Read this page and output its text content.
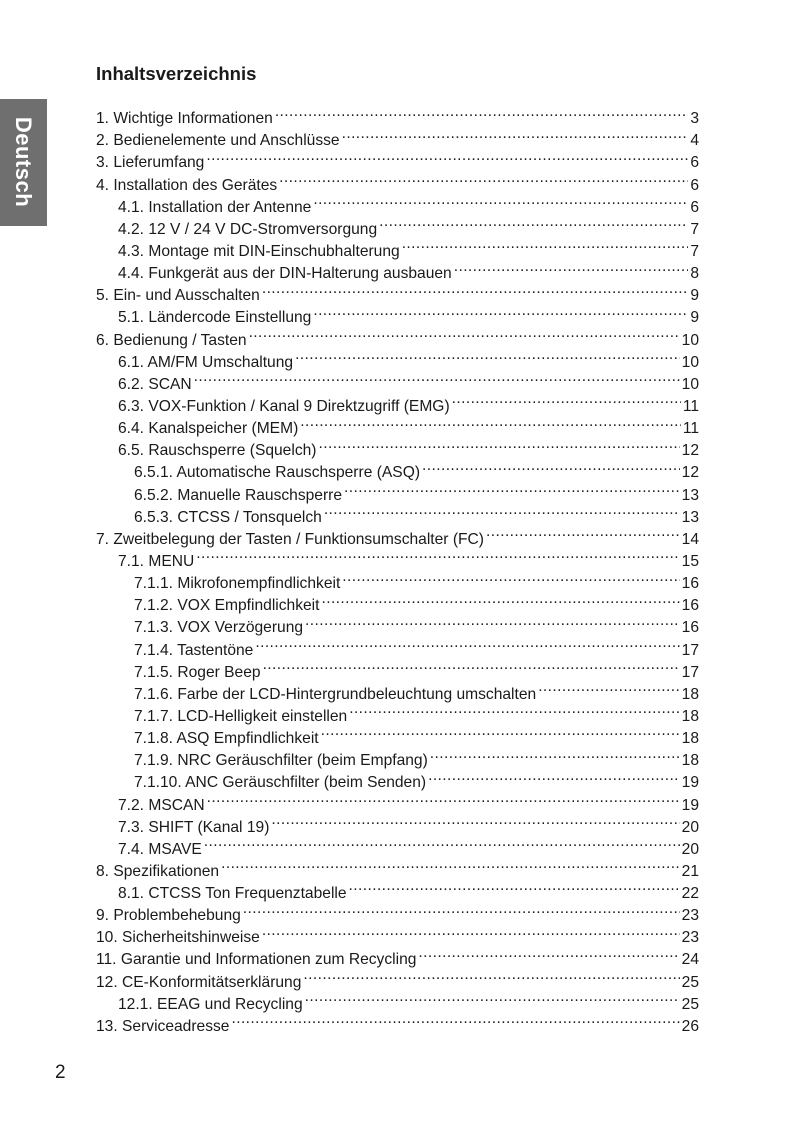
Deutsch
Inhaltsverzeichnis
1. Wichtige Informationen .....	3
2. Bedienelemente und Anschlüsse .....	4
3. Lieferumfang .....	6
4. Installation des Gerätes .....	6
4.1. Installation der Antenne .....	6
4.2. 12 V / 24 V DC-Stromversorgung .....	7
4.3. Montage mit DIN-Einschubhalterung .....	7
4.4. Funkgerät aus der DIN-Halterung ausbauen .....	8
5. Ein- und Ausschalten .....	9
5.1. Ländercode Einstellung .....	9
6. Bedienung / Tasten .....	10
6.1. AM/FM Umschaltung .....	10
6.2. SCAN .....	10
6.3. VOX-Funktion / Kanal 9 Direktzugriff (EMG) .....	11
6.4. Kanalspeicher (MEM) .....	11
6.5. Rauschsperre (Squelch) .....	12
6.5.1. Automatische Rauschsperre (ASQ) .....	12
6.5.2. Manuelle Rauschsperre .....	13
6.5.3. CTCSS / Tonsquelch .....	13
7. Zweitbelegung der Tasten / Funktionsumschalter (FC) .....	14
7.1. MENU .....	15
7.1.1. Mikrofonempfindlichkeit .....	16
7.1.2. VOX Empfindlichkeit .....	16
7.1.3. VOX Verzögerung .....	16
7.1.4. Tastentöne .....	17
7.1.5. Roger Beep .....	17
7.1.6. Farbe der LCD-Hintergrundbeleuchtung umschalten .....	18
7.1.7. LCD-Helligkeit einstellen .....	18
7.1.8. ASQ Empfindlichkeit .....	18
7.1.9. NRC Geräuschfilter (beim Empfang) .....	18
7.1.10. ANC Geräuschfilter (beim Senden) .....	19
7.2. MSCAN .....	19
7.3. SHIFT (Kanal 19) .....	20
7.4. MSAVE .....	20
8. Spezifikationen .....	21
8.1. CTCSS Ton Frequenztabelle .....	22
9. Problembehebung .....	23
10. Sicherheitshinweise .....	23
11. Garantie und Informationen zum Recycling .....	24
12. CE-Konformitätserklärung .....	25
12.1. EEAG und Recycling .....	25
13. Serviceadresse .....	26
2
